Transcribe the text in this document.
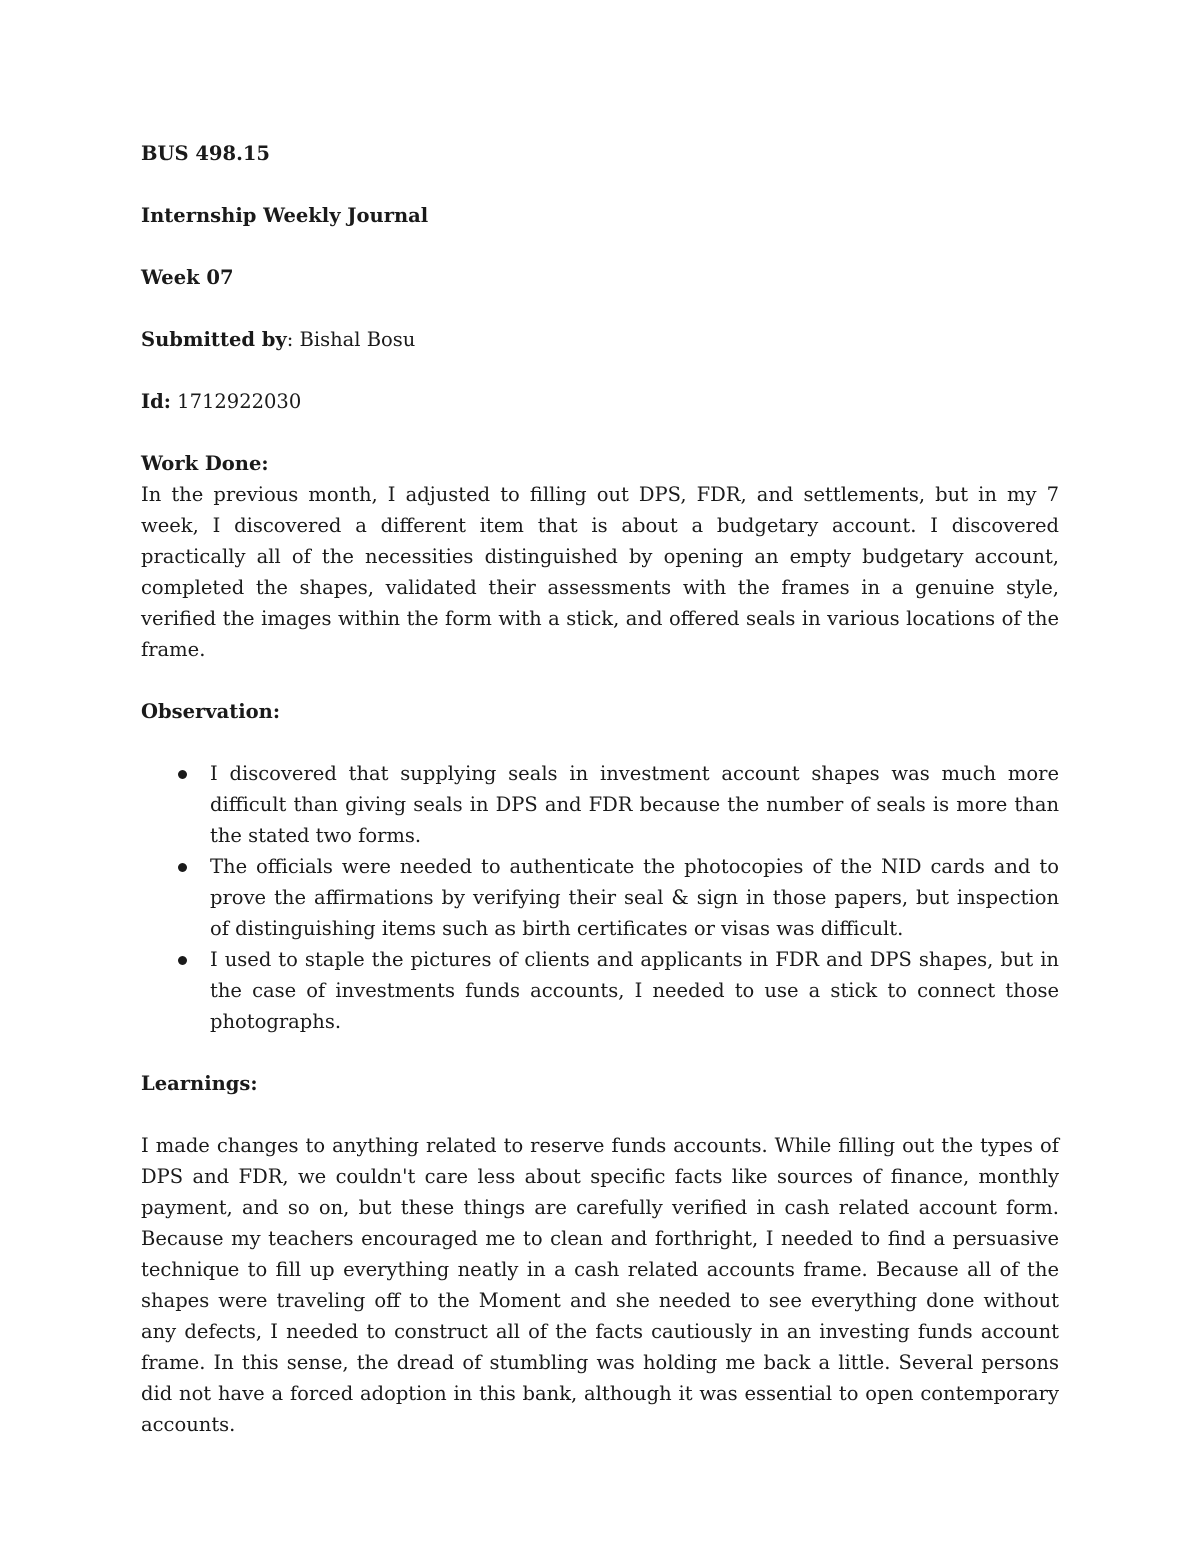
BUS 498.15

Internship Weekly Journal

Week 07

Submitted by: Bishal Bosu

Id: 1712922030

Work Done:

In the previous month, I adjusted to filling out DPS, FDR, and settlements, but in my 7 week, I discovered a different item that is about a budgetary account. I discovered practically all of the necessities distinguished by opening an empty budgetary account, completed the shapes, validated their assessments with the frames in a genuine style, verified the images within the form with a stick, and offered seals in various locations of the frame.

Observation:

I discovered that supplying seals in investment account shapes was much more difficult than giving seals in DPS and FDR because the number of seals is more than the stated two forms.
The officials were needed to authenticate the photocopies of the NID cards and to prove the affirmations by verifying their seal & sign in those papers, but inspection of distinguishing items such as birth certificates or visas was difficult.
I used to staple the pictures of clients and applicants in FDR and DPS shapes, but in the case of investments funds accounts, I needed to use a stick to connect those photographs.

Learnings:

I made changes to anything related to reserve funds accounts. While filling out the types of DPS and FDR, we couldn't care less about specific facts like sources of finance, monthly payment, and so on, but these things are carefully verified in cash related account form. Because my teachers encouraged me to clean and forthright, I needed to find a persuasive technique to fill up everything neatly in a cash related accounts frame. Because all of the shapes were traveling off to the Moment and she needed to see everything done without any defects, I needed to construct all of the facts cautiously in an investing funds account frame. In this sense, the dread of stumbling was holding me back a little. Several persons did not have a forced adoption in this bank, although it was essential to open contemporary accounts.
